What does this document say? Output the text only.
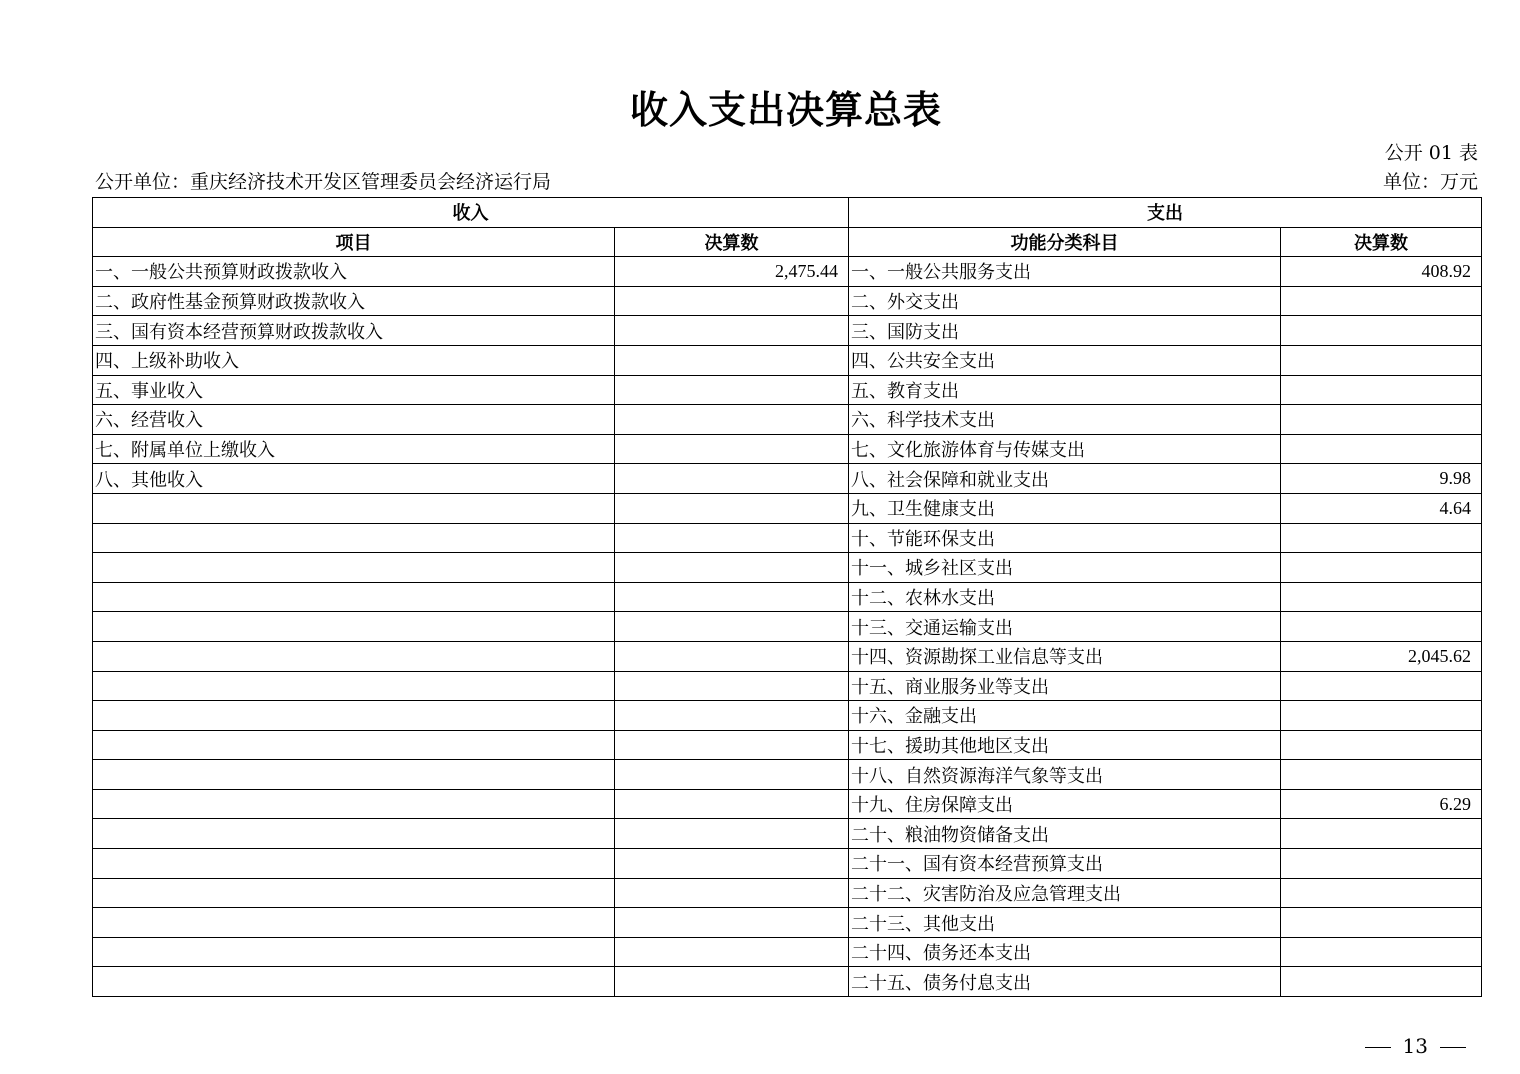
收入支出决算总表
公开 01 表
公开单位：重庆经济技术开发区管理委员会经济运行局	单位：万元
收入		支出	
项目	决算数	功能分类科目	决算数
一、一般公共预算财政拨款收入	2,475.44	一、一般公共服务支出	408.92
二、政府性基金预算财政拨款收入		二、外交支出	
三、国有资本经营预算财政拨款收入		三、国防支出	
四、上级补助收入		四、公共安全支出	
五、事业收入		五、教育支出	
六、经营收入		六、科学技术支出	
七、附属单位上缴收入		七、文化旅游体育与传媒支出	
八、其他收入		八、社会保障和就业支出	9.98
		九、卫生健康支出	4.64
		十、节能环保支出	
		十一、城乡社区支出	
		十二、农林水支出	
		十三、交通运输支出	
		十四、资源勘探工业信息等支出	2,045.62
		十五、商业服务业等支出	
		十六、金融支出	
		十七、援助其他地区支出	
		十八、自然资源海洋气象等支出	
		十九、住房保障支出	6.29
		二十、粮油物资储备支出	
		二十一、国有资本经营预算支出	
		二十二、灾害防治及应急管理支出	
		二十三、其他支出	
		二十四、债务还本支出	
		二十五、债务付息支出	
13
